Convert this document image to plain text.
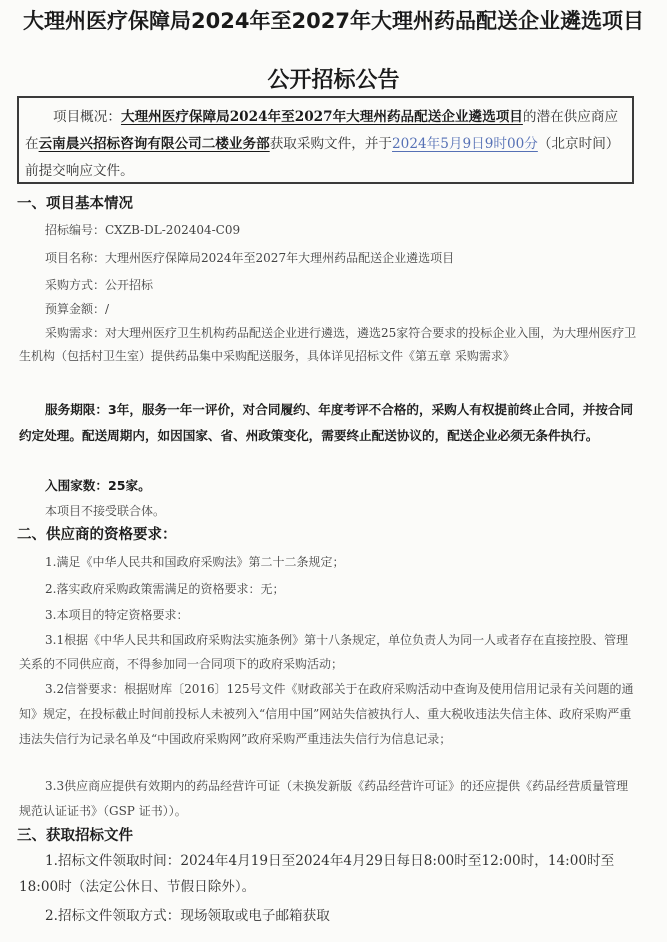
大理州医疗保障局2024年至2027年大理州药品配送企业遴选项目
公开招标公告
项目概况：大理州医疗保障局2024年至2027年大理州药品配送企业遴选项目的潜在供应商应在云南晨兴招标咨询有限公司二楼业务部获取采购文件，并于2024年5月9日9时00分（北京时间）前提交响应文件。
一、项目基本情况
招标编号：CXZB-DL-202404-C09
项目名称：大理州医疗保障局2024年至2027年大理州药品配送企业遴选项目
采购方式：公开招标
预算金额：/
采购需求：对大理州医疗卫生机构药品配送企业进行遴选，遴选25家符合要求的投标企业入围，为大理州医疗卫生机构（包括村卫生室）提供药品集中采购配送服务，具体详见招标文件《第五章 采购需求》
服务期限：3年，服务一年一评价，对合同履约、年度考评不合格的，采购人有权提前终止合同，并按合同约定处理。配送周期内，如因国家、省、州政策变化，需要终止配送协议的，配送企业必须无条件执行。
入围家数：25家。
本项目不接受联合体。
二、供应商的资格要求：
1.满足《中华人民共和国政府采购法》第二十二条规定；
2.落实政府采购政策需满足的资格要求：无；
3.本项目的特定资格要求：
3.1根据《中华人民共和国政府采购法实施条例》第十八条规定，单位负责人为同一人或者存在直接控股、管理关系的不同供应商，不得参加同一合同项下的政府采购活动；
3.2信誉要求：根据财库〔2016〕125号文件《财政部关于在政府采购活动中查询及使用信用记录有关问题的通知》规定，在投标截止时间前投标人未被列入“信用中国”网站失信被执行人、重大税收违法失信主体、政府采购严重违法失信行为记录名单及“中国政府采购网”政府采购严重违法失信行为信息记录；
3.3供应商应提供有效期内的药品经营许可证（未换发新版《药品经营许可证》的还应提供《药品经营质量管理规范认证证书》（GSP 证书））。
三、获取招标文件
1.招标文件领取时间：2024年4月19日至2024年4月29日每日8:00时至12:00时，14:00时至18:00时（法定公休日、节假日除外）。
2.招标文件领取方式：现场领取或电子邮箱获取
